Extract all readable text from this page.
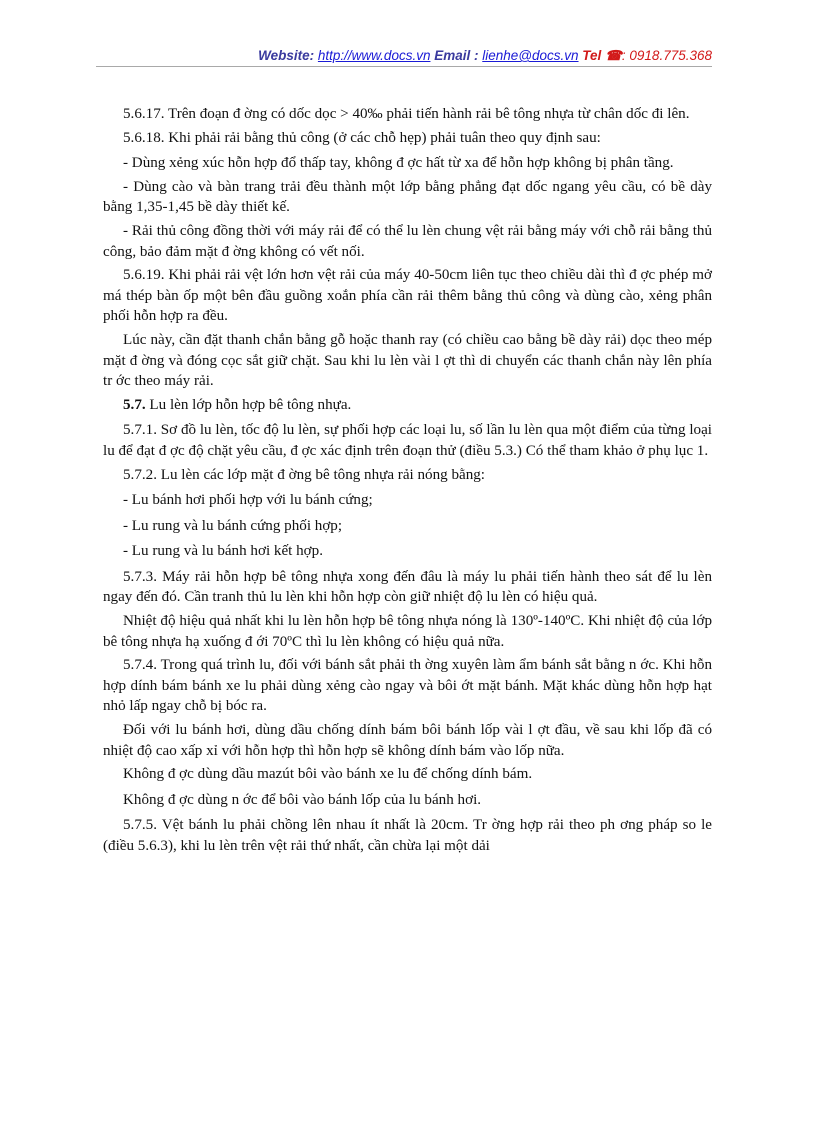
Website: http://www.docs.vn Email : lienhe@docs.vn Tel ☎: 0918.775.368

5.6.17. Trên đoạn đ ờng có dốc dọc > 40‰ phải tiến hành rải bê tông nhựa từ chân dốc đi lên.

5.6.18. Khi phải rải bằng thủ công (ở các chỗ hẹp) phải tuân theo quy định sau:

- Dùng xẻng xúc hỗn hợp đổ thấp tay, không đ ợc hất từ xa để hỗn hợp không bị phân tầng.

- Dùng cào và bàn trang trải đều thành một lớp bằng phẳng đạt dốc ngang yêu cầu, có bề dày bằng 1,35-1,45 bề dày thiết kế.

- Rải thủ công đồng thời với máy rải để có thể lu lèn chung vệt rải bằng máy với chỗ rải bằng thủ công, bảo đảm mặt đ ờng không có vết nối.

5.6.19. Khi phải rải vệt lớn hơn vệt rải của máy 40-50cm liên tục theo chiều dài thì đ ợc phép mở má thép bàn ốp một bên đầu guồng xoắn phía cần rải thêm bằng thủ công và dùng cào, xẻng phân phối hỗn hợp ra đều.

Lúc này, cần đặt thanh chắn bằng gỗ hoặc thanh ray (có chiều cao bằng bề dày rải) dọc theo mép mặt đ ờng và đóng cọc sắt giữ chặt. Sau khi lu lèn vài l ợt thì di chuyển các thanh chắn này lên phía tr ớc theo máy rải.

5.7. Lu lèn lớp hỗn hợp bê tông nhựa.

5.7.1. Sơ đồ lu lèn, tốc độ lu lèn, sự phối hợp các loại lu, số lần lu lèn qua một điểm của từng loại lu để đạt đ ợc độ chặt yêu cầu, đ ợc xác định trên đoạn thử (điều 5.3.) Có thể tham khảo ở phụ lục 1.

5.7.2. Lu lèn các lớp mặt đ ờng bê tông nhựa rải nóng bằng:

- Lu bánh hơi phối hợp với lu bánh cứng;

- Lu rung và lu bánh cứng phối hợp;

- Lu rung và lu bánh hơi kết hợp.

5.7.3. Máy rải hỗn hợp bê tông nhựa xong đến đâu là máy lu phải tiến hành theo sát để lu lèn ngay đến đó. Cần tranh thủ lu lèn khi hỗn hợp còn giữ nhiệt độ lu lèn có hiệu quả.

Nhiệt độ hiệu quả nhất khi lu lèn hỗn hợp bê tông nhựa nóng là 130º-140ºC. Khi nhiệt độ của lớp bê tông nhựa hạ xuống đ ới 70ºC thì lu lèn không có hiệu quả nữa.

5.7.4. Trong quá trình lu, đối với bánh sắt phải th ờng xuyên làm ẩm bánh sắt bằng n ớc. Khi hỗn hợp dính bám bánh xe lu phải dùng xẻng cào ngay và bôi ớt mặt bánh. Mặt khác dùng hỗn hợp hạt nhỏ lấp ngay chỗ bị bóc ra.

Đối với lu bánh hơi, dùng dầu chống dính bám bôi bánh lốp vài l ợt đầu, về sau khi lốp đã có nhiệt độ cao xấp xỉ với hỗn hợp thì hỗn hợp sẽ không dính bám vào lốp nữa.

Không đ ợc dùng dầu mazút bôi vào bánh xe lu để chống dính bám.

Không đ ợc dùng n ớc để bôi vào bánh lốp của lu bánh hơi.

5.7.5. Vệt bánh lu phải chồng lên nhau ít nhất là 20cm. Tr ờng hợp rải theo ph ơng pháp so le (điều 5.6.3), khi lu lèn trên vệt rải thứ nhất, cần chừa lại một dải
